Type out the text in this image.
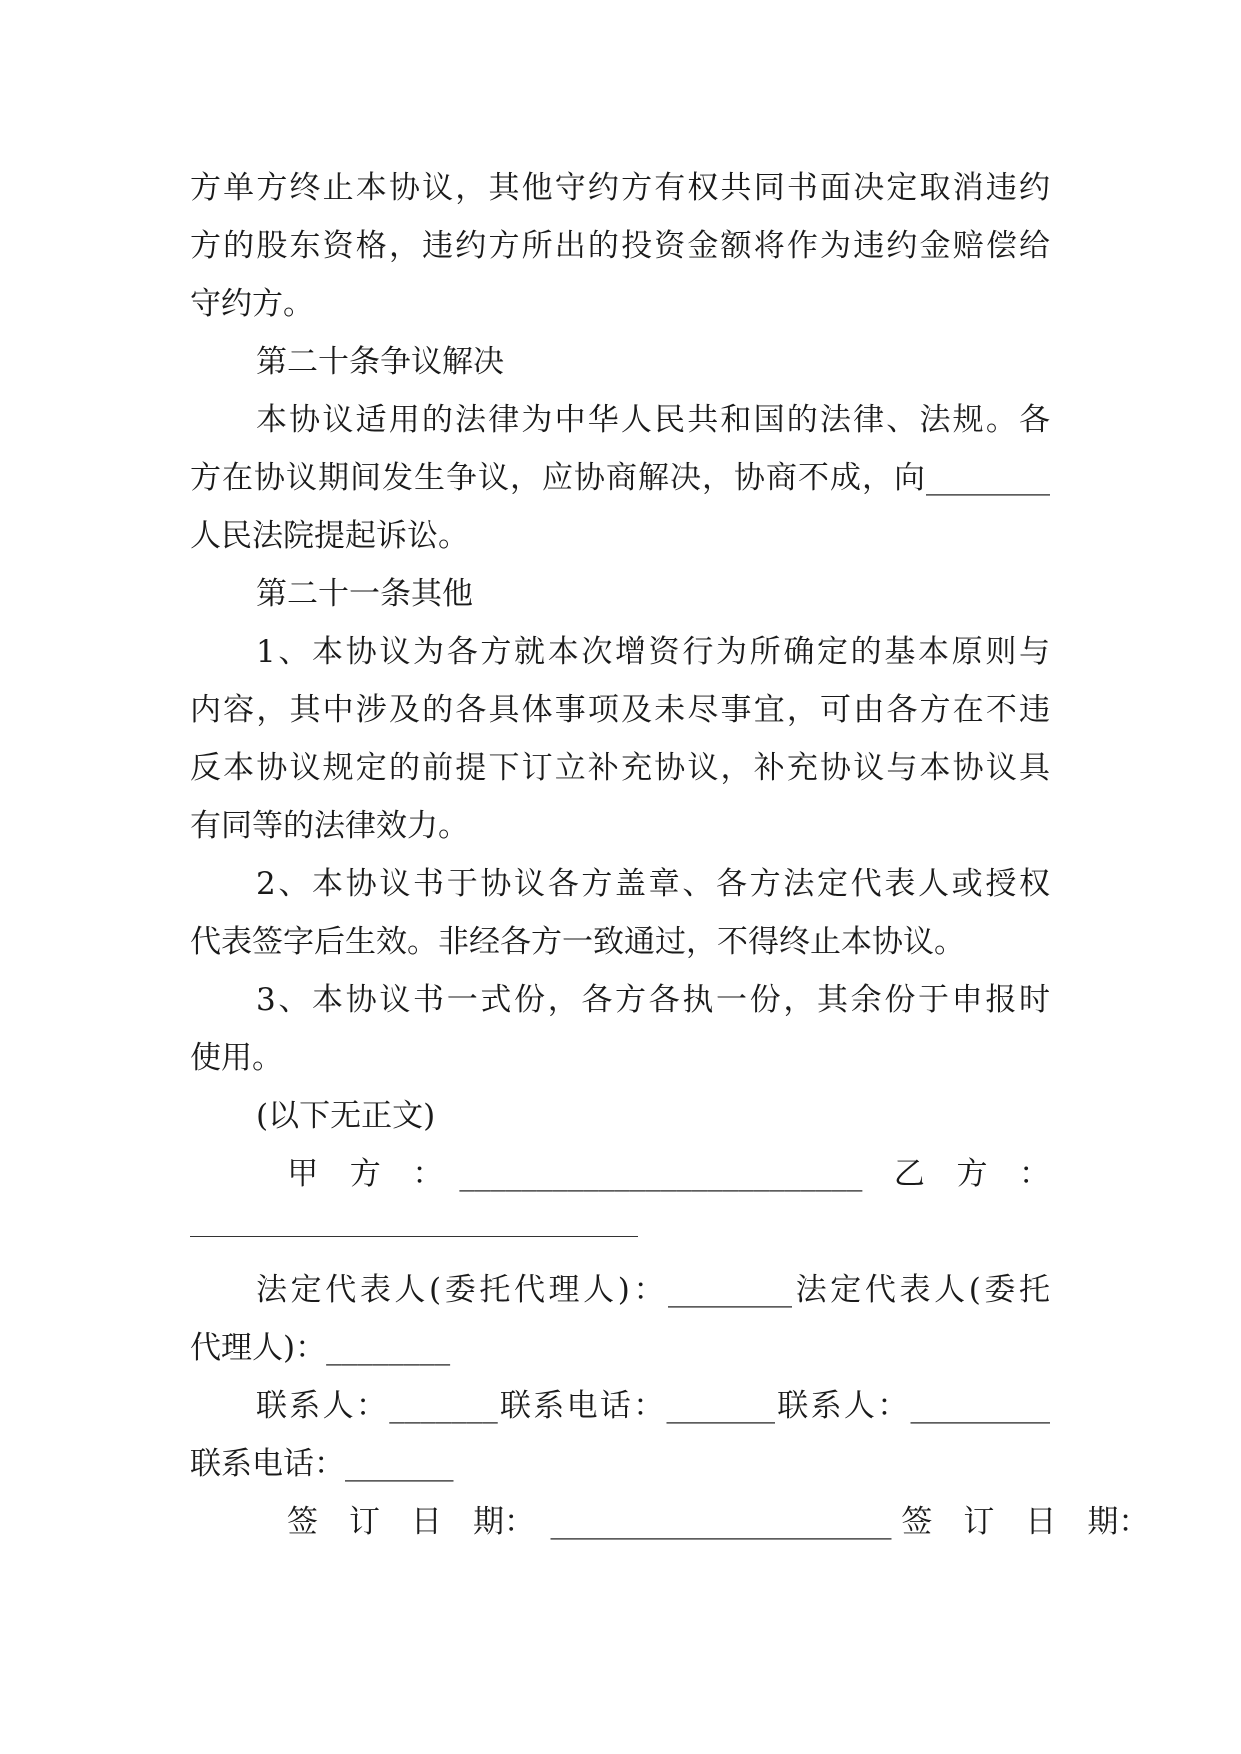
方单方终止本协议，其他守约方有权共同书面决定取消违约
方的股东资格，违约方所出的投资金额将作为违约金赔偿给
守约方。
第二十条争议解决
本协议适用的法律为中华人民共和国的法律、法规。各
方在协议期间发生争议，应协商解决，协商不成，向________
人民法院提起诉讼。
第二十一条其他
1、本协议为各方就本次增资行为所确定的基本原则与
内容，其中涉及的各具体事项及未尽事宜，可由各方在不违
反本协议规定的前提下订立补充协议，补充协议与本协议具
有同等的法律效力。
2、本协议书于协议各方盖章、各方法定代表人或授权
代表签字后生效。非经各方一致通过，不得终止本协议。
3、本协议书一式份，各方各执一份，其余份于申报时
使用。
(以下无正文)
　甲　方　：　__________________________　乙　方　：
法定代表人(委托代理人)：________法定代表人(委托
代理人)：________
联系人：_______联系电话：_______联系人：_________
联系电话：_______
　签　订　日　期：　______________________ 签　订　日　期：
